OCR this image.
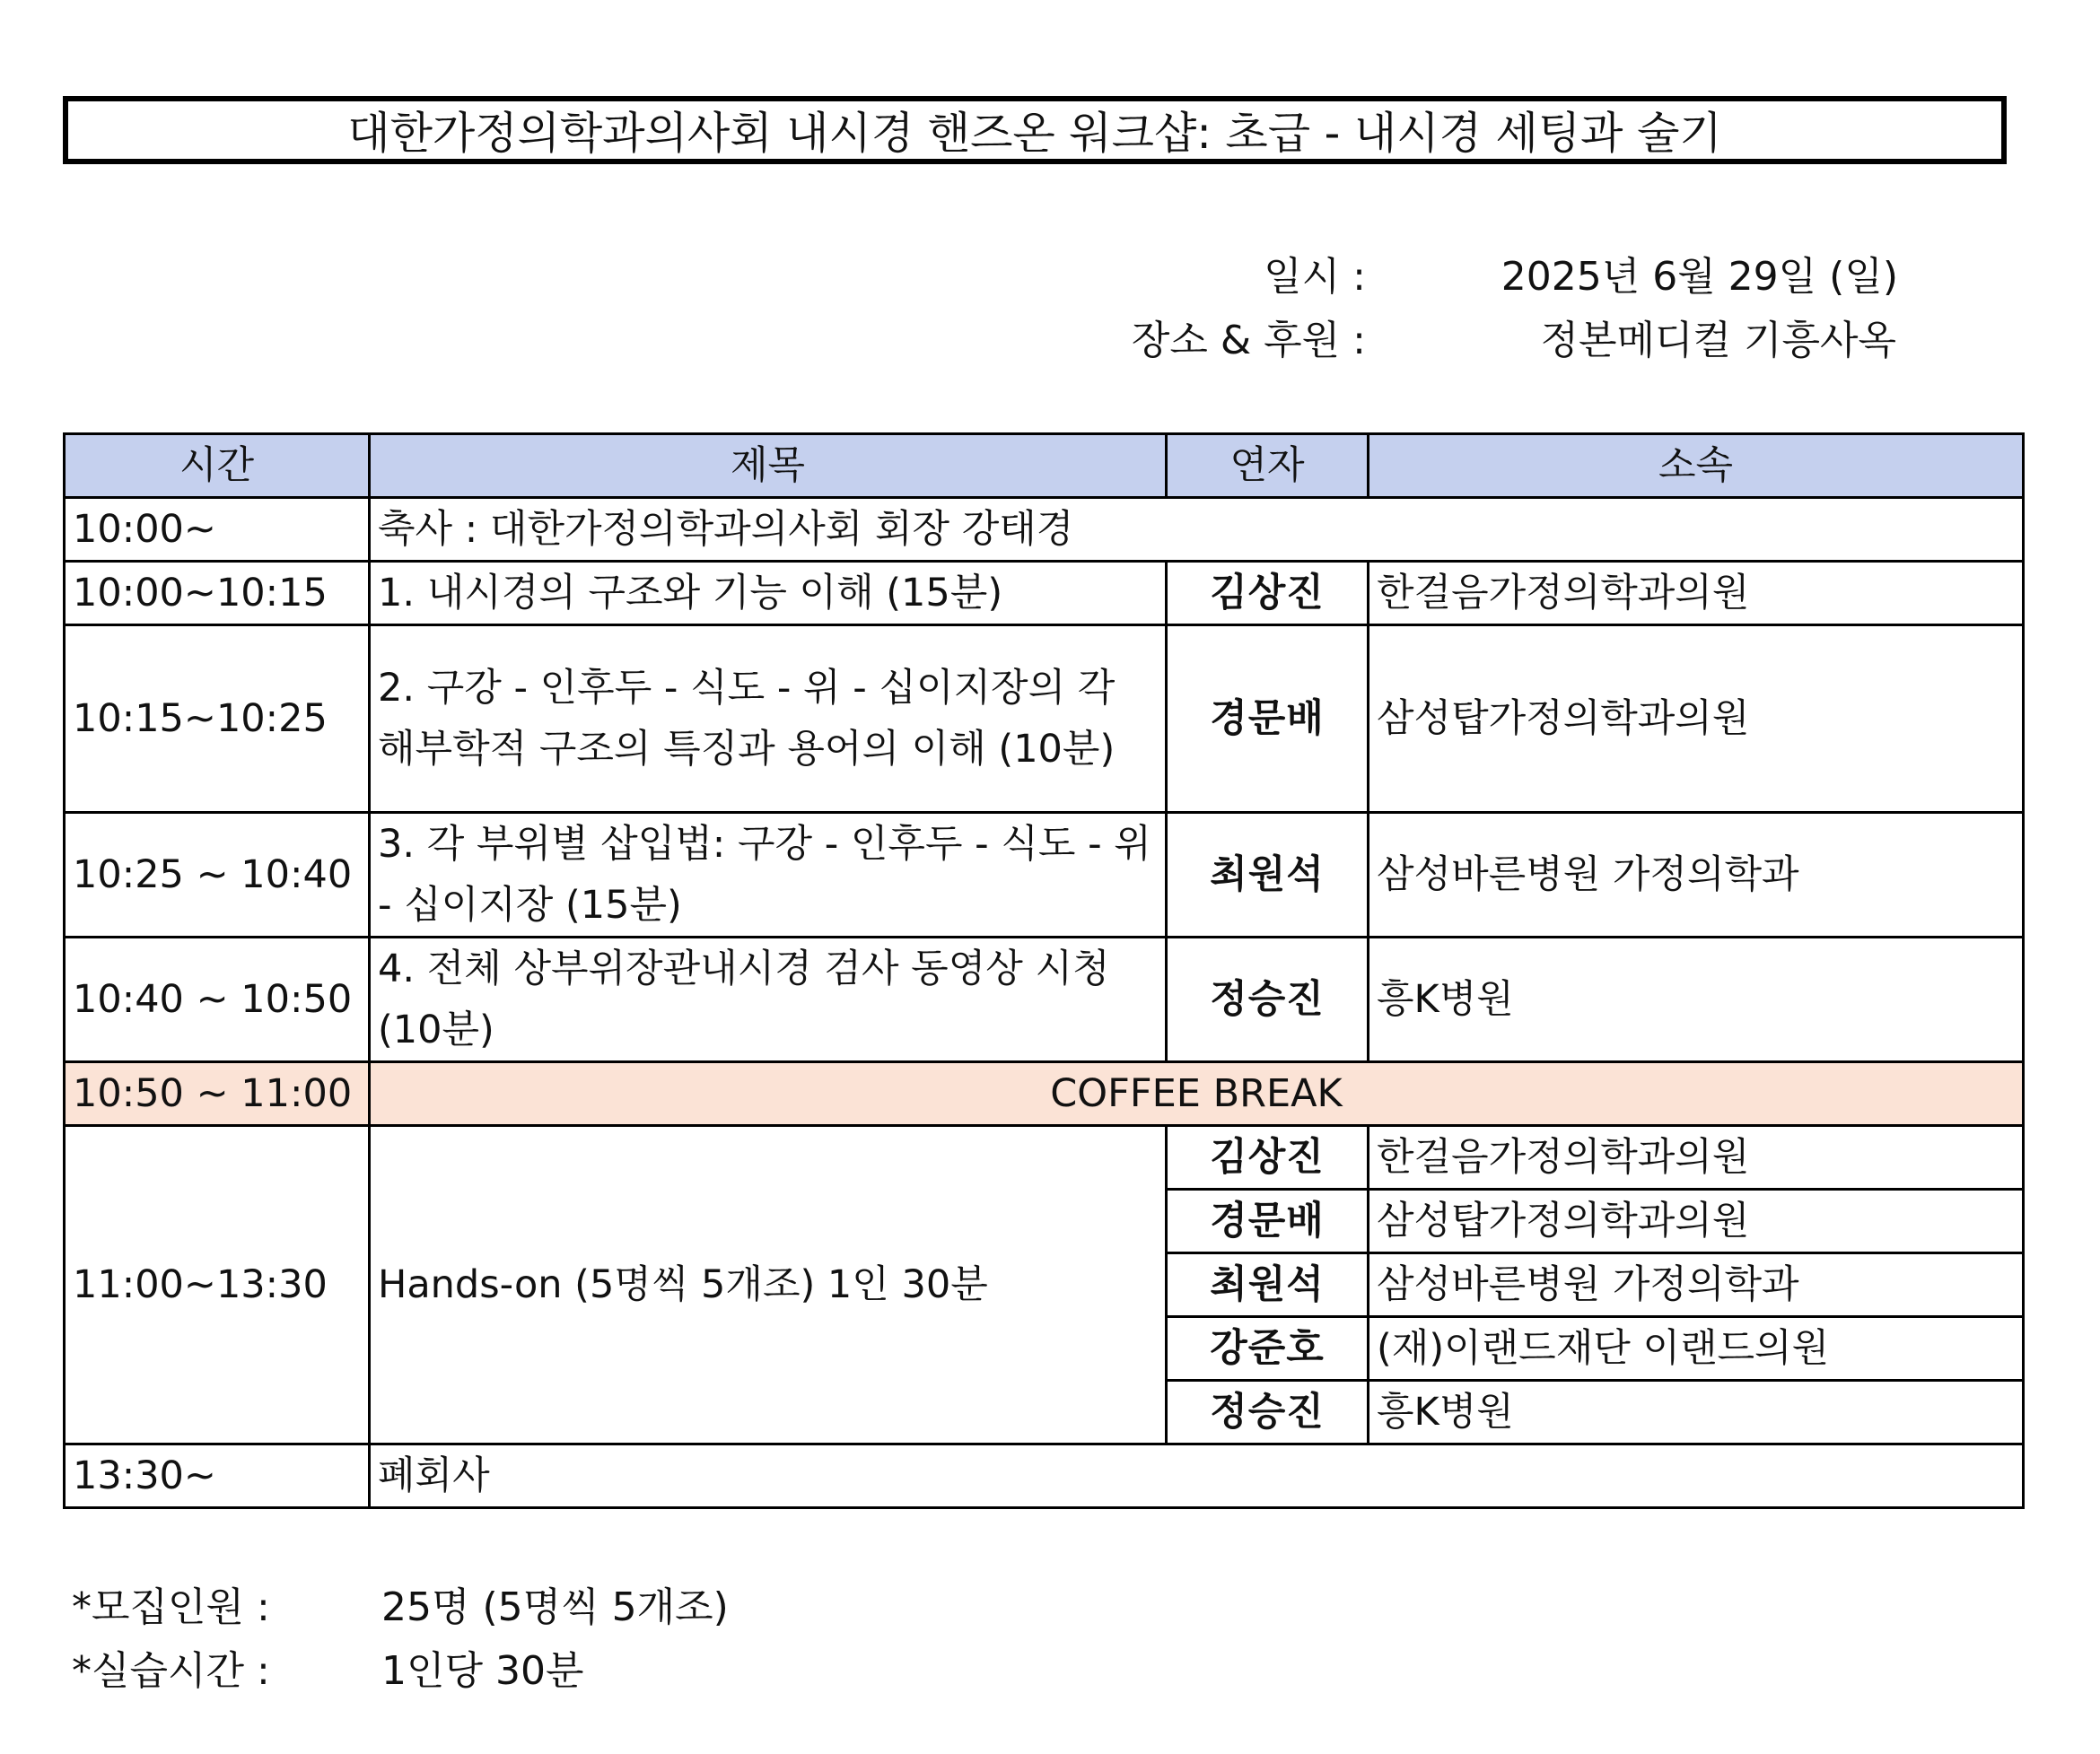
대한가정의학과의사회 내시경 핸즈온 워크샵: 초급 - 내시경 세팅과 술기
일시 :	2025년 6월 29일 (일)
장소 & 후원 :	정본메디컬 기흥사옥
시간	제목	연자	소속
10:00~	축사 : 대한가정의학과의사회 회장 강태경		
10:00~10:15	1. 내시경의 구조와 기능 이해 (15분)	김상진	한걸음가정의학과의원
10:15~10:25	2. 구강 - 인후두 - 식도 - 위 - 십이지장의 각 해부학적 구조의 특징과 용어의 이해 (10분)	경문배	삼성탑가정의학과의원
10:25 ~ 10:40	3. 각 부위별 삽입법: 구강 - 인후두 - 식도 - 위 - 십이지장 (15분)	최원석	삼성바른병원 가정의학과
10:40 ~ 10:50	4. 전체 상부위장관내시경 검사 동영상 시청 (10분)	정승진	흥K병원
10:50 ~ 11:00	COFFEE BREAK		
11:00~13:30	Hands-on (5명씩 5개조) 1인 30분	김상진	한걸음가정의학과의원
		경문배	삼성탑가정의학과의원
		최원석	삼성바른병원 가정의학과
		강준호	(재)이랜드재단 이랜드의원
		정승진	흥K병원
13:30~	폐회사		
*모집인원 :	25명 (5명씩 5개조)
*실습시간 :	1인당 30분
